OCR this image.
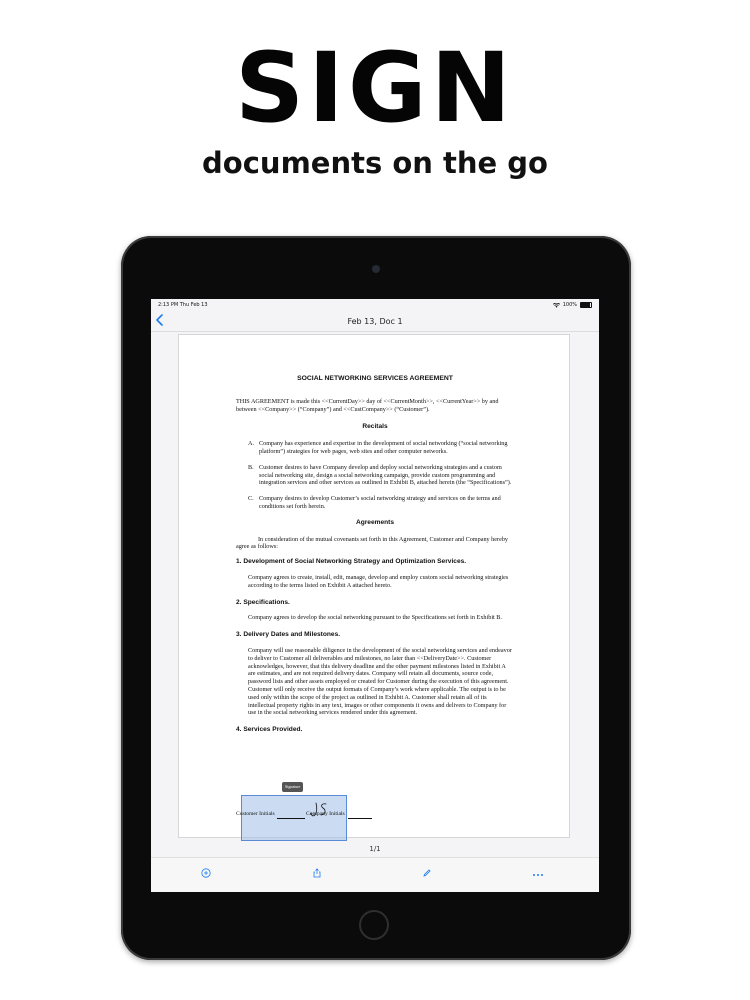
SIGN
documents on the go
2:13 PM Thu Feb 13	100%
Feb 13, Doc 1
SOCIAL NETWORKING SERVICES AGREEMENT

THIS AGREEMENT is made this <<CurrentDay>> day of <<CurrentMonth>>, <<CurrentYear>> by and between <<Company>> (“Company”) and <<CustCompany>> (“Customer”).

Recitals
A. Company has experience and expertise in the development of social networking (“social networking platform”) strategies for web pages, web sites and other computer networks.
B. Customer desires to have Company develop and deploy social networking strategies and a custom social networking site, design a social networking campaign, provide custom programming and integration services and other services as outlined in Exhibit B, attached herein (the “Specifications”).
C. Company desires to develop Customer’s social networking strategy and services on the terms and conditions set forth herein.
Agreements

In consideration of the mutual covenants set forth in this Agreement, Customer and Company hereby agree as follows:

1. Development of Social Networking Strategy and Optimization Services.

Company agrees to create, install, edit, manage, develop and employ custom social networking strategies according to the terms listed on Exhibit A attached hereto.

2. Specifications.

Company agrees to develop the social networking pursuant to the Specifications set forth in Exhibit B.

3. Delivery Dates and Milestones.

Company will use reasonable diligence in the development of the social networking services and endeavor to deliver to Customer all deliverables and milestones, no later than <<DeliveryDate>>. Customer acknowledges, however, that this delivery deadline and the other payment milestones listed in Exhibit A are estimates, and are not required delivery dates. Company will retain all documents, source code, password lists and other assets employed or created for Customer during the execution of this agreement. Customer will only receive the output formats of Company’s work where applicable. The output is to be used only within the scope of the project as outlined in Exhibit A. Customer shall retain all of its intellectual property rights in any text, images or other components it owns and delivers to Company for use in the social networking services rendered under this agreement.

4. Services Provided.
Signature
Customer Initials	Company Initials
1/1
